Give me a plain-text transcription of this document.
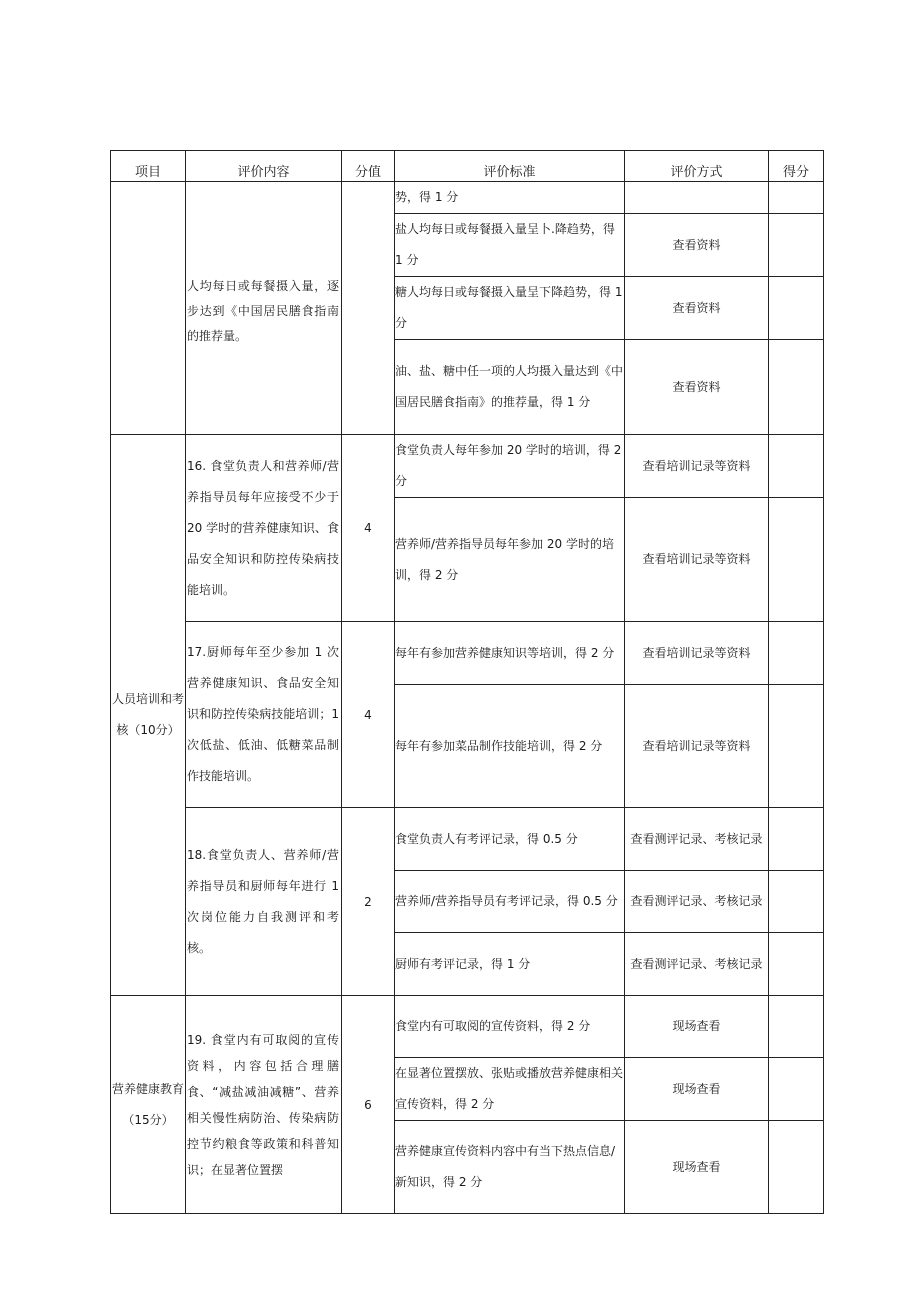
项目	评价内容	分值	评价标准	评价方式	得分

	人均每日或每餐摄入量，逐步达到《中国居民膳食指南的推荐量。		势，得 1 分		
			盐人均每日或每餐摄入量呈卜.降趋势，得 1 分	查看资料	
			糖人均每日或每餐摄入量呈下降趋势，得 1 分	查看资料	
			油、盐、糖中任一项的人均摄入量达到《中国居民膳食指南》的推荐量，得 1 分	查看资料	
人员培训和考核（10分）	16. 食堂负责人和营养师/营养指导员每年应接受不少于 20 学时的营养健康知识、食品安全知识和防控传染病技能培训。	4	食堂负责人每年参加 20 学时的培训，得 2 分	查看培训记录等资料	
			营养师/营养指导员每年参加 20 学时的培训，得 2 分	查看培训记录等资料	

	17.厨师每年至少参加 1 次营养健康知识、食品安全知识和防控传染病技能培训；1 次低盐、低油、低糖菜品制作技能培训。	4	每年有参加营养健康知识等培训，得 2 分	查看培训记录等资料	
			每年有参加菜品制作技能培训，得 2 分	查看培训记录等资料	

	18.食堂负责人、营养师/营养指导员和厨师每年进行 1 次岗位能力自我测评和考核。	2	食堂负责人有考评记录，得 0.5 分	查看测评记录、考核记录	
			营养师/营养指导员有考评记录，得 0.5 分	查看测评记录、考核记录	
			厨师有考评记录，得 1 分	查看测评记录、考核记录	
营养健康教育（15分）	19. 食堂内有可取阅的宣传资料，内容包括合理膳食、“减盐减油减糖”、营养相关慢性病防治、传染病防控节约粮食等政策和科普知识；在显著位置摆	6	食堂内有可取阅的宣传资料，得 2 分	现场查看	
			在显著位置摆放、张贴或播放营养健康相关宣传资料，得 2 分	现场查看	
			营养健康宣传资料内容中有当下热点信息/新知识，得 2 分	现场查看	
